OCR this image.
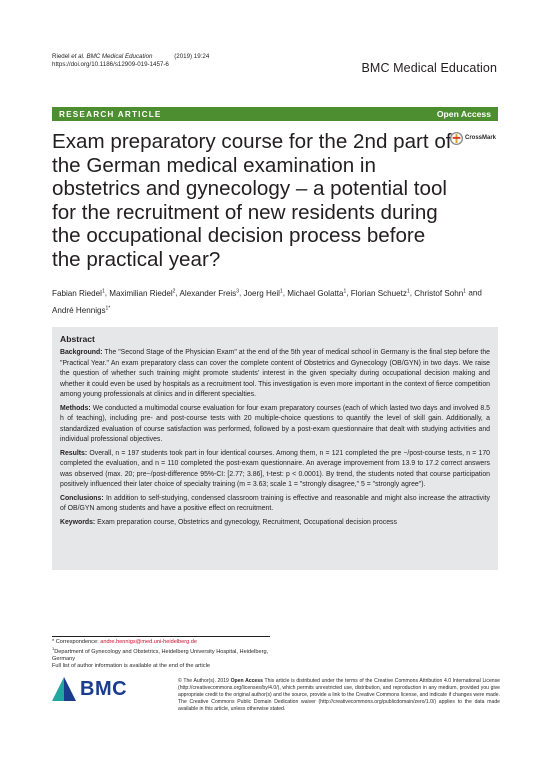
Riedel et al. BMC Medical Education	(2019) 19:24
https://doi.org/10.1186/s12909-019-1457-6	BMC Medical Education
RESEARCH ARTICLE	Open Access
Exam preparatory course for the 2nd part of the German medical examination in obstetrics and gynecology – a potential tool for the recruitment of new residents during the occupational decision process before the practical year?
CrossMark
Fabian Riedel$^1$, Maximilian Riedel$^2$, Alexander Freis$^3$, Joerg Heil$^1$, Michael Golatta$^1$, Florian Schuetz$^1$, Christof Sohn$^1$ and André Hennigs$^{1*}$
Abstract

Background: The "Second Stage of the Physician Exam" at the end of the 5th year of medical school in Germany is the final step before the "Practical Year." An exam preparatory class can cover the complete content of Obstetrics and Gynecology (OB/GYN) in two days. We raise the question of whether such training might promote students' interest in the given specialty during occupational decision making and whether it could even be used by hospitals as a recruitment tool. This investigation is even more important in the context of fierce competition among young professionals at clinics and in different specialties.

Methods: We conducted a multimodal course evaluation for four exam preparatory courses (each of which lasted two days and involved 8.5 h of teaching), including pre- and post-course tests with 20 multiple-choice questions to quantify the level of skill gain. Additionally, a standardized evaluation of course satisfaction was performed, followed by a post-exam questionnaire that dealt with studying activities and individual professional objectives.

Results: Overall, n = 197 students took part in four identical courses. Among them, n = 121 completed the pre −/post-course tests, n = 170 completed the evaluation, and n = 110 completed the post-exam questionnaire. An average improvement from 13.9 to 17.2 correct answers was observed (max. 20; pre−/post-difference 95%-CI: [2.77; 3.86], t-test: p < 0.0001). By trend, the students noted that course participation positively influenced their later choice of specialty training (m = 3.63; scale 1 = "strongly disagree," 5 = "strongly agree").

Conclusions: In addition to self-studying, condensed classroom training is effective and reasonable and might also increase the attractivity of OB/GYN among students and have a positive effect on recruitment.

Keywords: Exam preparation course, Obstetrics and gynecology, Recruitment, Occupational decision process

* Correspondence: andre.hennigs@med.uni-heidelberg.de
$^1$Department of Gynecology and Obstetrics, Heidelberg University Hospital, Heidelberg, Germany
Full list of author information is available at the end of the article
BMC	© The Author(s). 2019 Open Access This article is distributed under the terms of the Creative Commons Attribution 4.0 International License (http://creativecommons.org/licenses/by/4.0/), which permits unrestricted use, distribution, and reproduction in any medium, provided you give appropriate credit to the original author(s) and the source, provide a link to the Creative Commons license, and indicate if changes were made. The Creative Commons Public Domain Dedication waiver (http://creativecommons.org/publicdomain/zero/1.0/) applies to the data made available in this article, unless otherwise stated.
